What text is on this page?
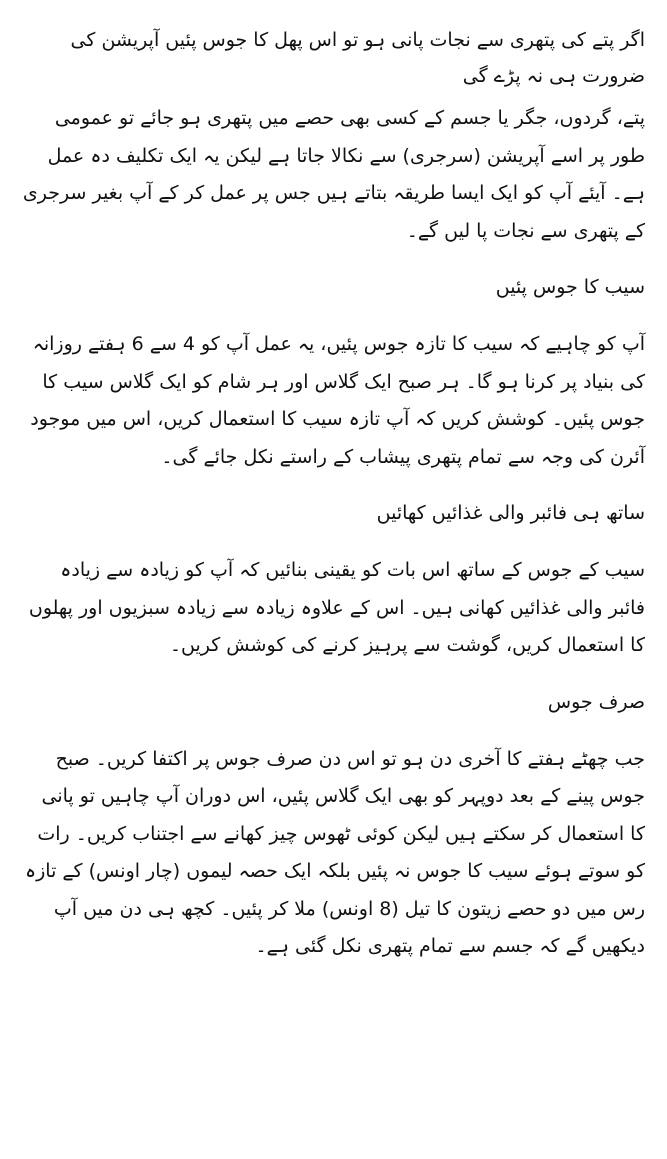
اگر پتے کی پتھری سے نجات پانی ہو تو اس پھل کا جوس پئیں آپریشن کی ضرورت ہی نہ پڑے گی
پتے، گردوں، جگر یا جسم کے کسی بھی حصے میں پتھری ہو جائے تو عمومی طور پر اسے آپریشن (سرجری) سے نکالا جاتا ہے لیکن یہ ایک تکلیف دہ عمل ہے۔ آیئے آپ کو ایک ایسا طریقہ بتاتے ہیں جس پر عمل کر کے آپ بغیر سرجری کے پتھری سے نجات پا لیں گے۔
سیب کا جوس پئیں
آپ کو چاہیے کہ سیب کا تازہ جوس پئیں، یہ عمل آپ کو 4 سے 6 ہفتے روزانہ کی بنیاد پر کرنا ہو گا۔ ہر صبح ایک گلاس اور ہر شام کو ایک گلاس سیب کا جوس پئیں۔ کوشش کریں کہ آپ تازہ سیب کا استعمال کریں، اس میں موجود آئرن کی وجہ سے تمام پتھری پیشاب کے راستے نکل جائے گی۔
ساتھ ہی فائبر والی غذائیں کھائیں
سیب کے جوس کے ساتھ اس بات کو یقینی بنائیں کہ آپ کو زیادہ سے زیادہ فائبر والی غذائیں کھانی ہیں۔ اس کے علاوہ زیادہ سے زیادہ سبزیوں اور پھلوں کا استعمال کریں، گوشت سے پرہیز کرنے کی کوشش کریں۔
صرف جوس
جب چھٹے ہفتے کا آخری دن ہو تو اس دن صرف جوس پر اکتفا کریں۔ صبح جوس پینے کے بعد دوپہر کو بھی ایک گلاس پئیں، اس دوران آپ چاہیں تو پانی کا استعمال کر سکتے ہیں لیکن کوئی ٹھوس چیز کھانے سے اجتناب کریں۔ رات کو سوتے ہوئے سیب کا جوس نہ پئیں بلکہ ایک حصہ لیموں (چار اونس) کے تازہ رس میں دو حصے زیتون کا تیل (8 اونس) ملا کر پئیں۔ کچھ ہی دن میں آپ دیکھیں گے کہ جسم سے تمام پتھری نکل گئی ہے۔
